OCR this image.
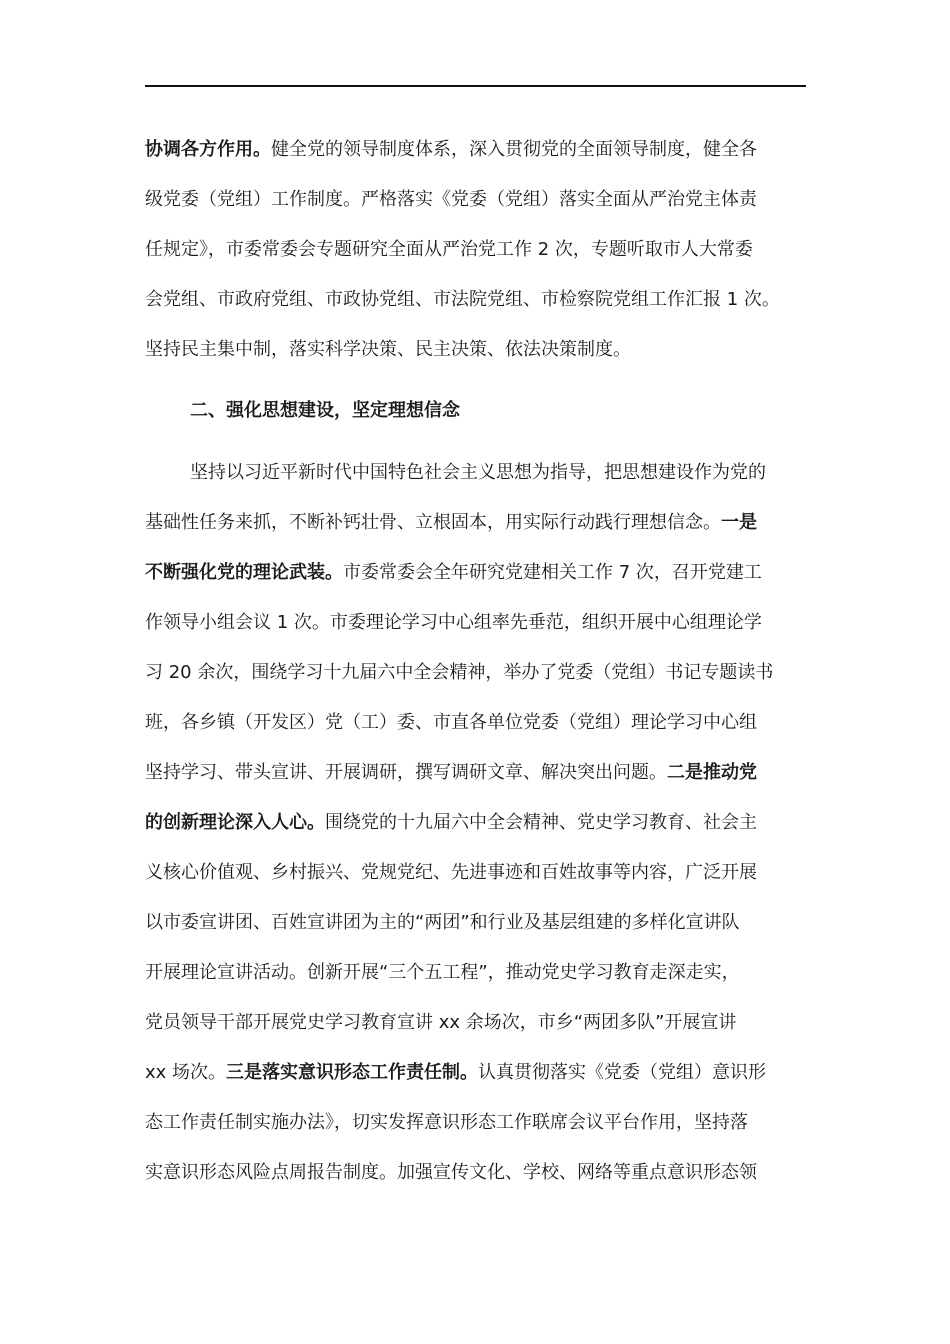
协调各方作用。健全党的领导制度体系，深入贯彻党的全面领导制度，健全各
级党委（党组）工作制度。严格落实《党委（党组）落实全面从严治党主体责
任规定》，市委常委会专题研究全面从严治党工作 2 次，专题听取市人大常委
会党组、市政府党组、市政协党组、市法院党组、市检察院党组工作汇报 1 次。
坚持民主集中制，落实科学决策、民主决策、依法决策制度。
二、强化思想建设，坚定理想信念
坚持以习近平新时代中国特色社会主义思想为指导，把思想建设作为党的
基础性任务来抓，不断补钙壮骨、立根固本，用实际行动践行理想信念。一是
不断强化党的理论武装。市委常委会全年研究党建相关工作 7 次，召开党建工
作领导小组会议 1 次。市委理论学习中心组率先垂范，组织开展中心组理论学
习 20 余次，围绕学习十九届六中全会精神，举办了党委（党组）书记专题读书
班，各乡镇（开发区）党（工）委、市直各单位党委（党组）理论学习中心组
坚持学习、带头宣讲、开展调研，撰写调研文章、解决突出问题。二是推动党
的创新理论深入人心。围绕党的十九届六中全会精神、党史学习教育、社会主
义核心价值观、乡村振兴、党规党纪、先进事迹和百姓故事等内容，广泛开展
以市委宣讲团、百姓宣讲团为主的“两团”和行业及基层组建的多样化宣讲队
开展理论宣讲活动。创新开展“三个五工程”，推动党史学习教育走深走实，
党员领导干部开展党史学习教育宣讲 xx 余场次，市乡“两团多队”开展宣讲
xx 场次。三是落实意识形态工作责任制。认真贯彻落实《党委（党组）意识形
态工作责任制实施办法》，切实发挥意识形态工作联席会议平台作用，坚持落
实意识形态风险点周报告制度。加强宣传文化、学校、网络等重点意识形态领
